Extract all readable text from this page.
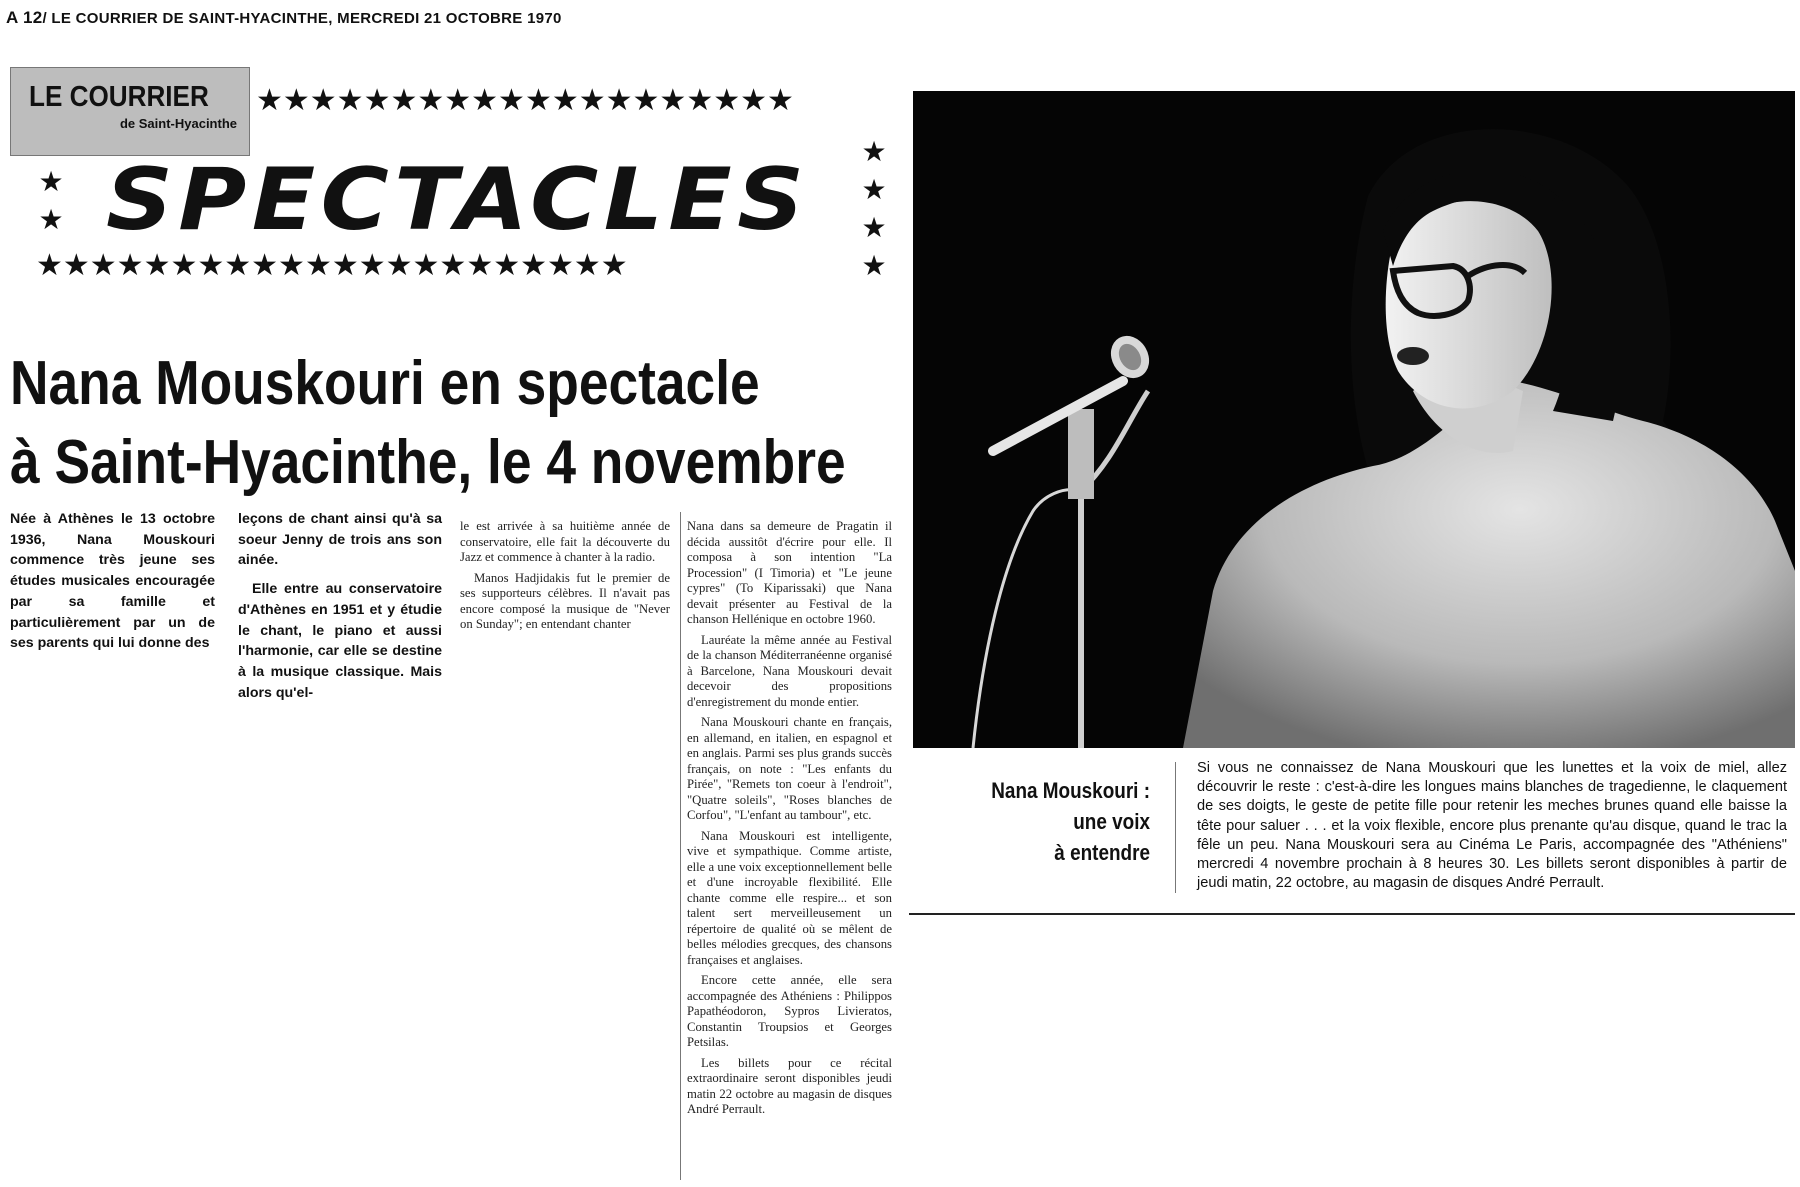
A 12/ LE COURRIER DE SAINT-HYACINTHE, MERCREDI 21 OCTOBRE 1970
LE COURRIER
de Saint-Hyacinthe
★★★★★★★★★★★★★★★★★★★★
★
★
★
★
★
★
★★★★★★★★★★★★★★★★★★★★★★
SPECTACLES
Nana Mouskouri en spectacle
à Saint-Hyacinthe, le 4 novembre

Née à Athènes le 13 octobre 1936, Nana Mouskouri commence très jeune ses études musicales encouragée par sa famille et particulièrement par un de ses parents qui lui donne des

leçons de chant ainsi qu'à sa soeur Jenny de trois ans son ainée.

Elle entre au conservatoire d'Athènes en 1951 et y étudie le chant, le piano et aussi l'harmonie, car elle se destine à la musique classique. Mais alors qu'el-

le est arrivée à sa huitième année de conservatoire, elle fait la découverte du Jazz et commence à chanter à la radio.

Manos Hadjidakis fut le premier de ses supporteurs célèbres. Il n'avait pas encore composé la musique de "Never on Sunday"; en entendant chanter

Nana dans sa demeure de Pragatin il décida aussitôt d'écrire pour elle. Il composa à son intention "La Procession" (I Timoria) et "Le jeune cypres" (To Kiparissaki) que Nana devait présenter au Festival de la chanson Hellénique en octobre 1960.

Lauréate la même année au Festival de la chanson Méditerranéenne organisé à Barcelone, Nana Mouskouri devait decevoir des propositions d'enregistrement du monde entier.

Nana Mouskouri chante en français, en allemand, en italien, en espagnol et en anglais. Parmi ses plus grands succès français, on note : "Les enfants du Pirée", "Remets ton coeur à l'endroit", "Quatre soleils", "Roses blanches de Corfou", "L'enfant au tambour", etc.

Nana Mouskouri est intelligente, vive et sympathique. Comme artiste, elle a une voix exceptionnellement belle et d'une incroyable flexibilité. Elle chante comme elle respire... et son talent sert merveilleusement un répertoire de qualité où se mêlent de belles mélodies grecques, des chansons françaises et anglaises.

Encore cette année, elle sera accompagnée des Athéniens : Philippos Papathéodoron, Sypros Livieratos, Constantin Troupsios et Georges Petsilas.

Les billets pour ce récital extraordinaire seront disponibles jeudi matin 22 octobre au magasin de disques André Perrault.

Nana Mouskouri :
une voix
à entendre
Si vous ne connaissez de Nana Mouskouri que les lunettes et la voix de miel, allez découvrir le reste : c'est-à-dire les longues mains blanches de tragedienne, le claquement de ses doigts, le geste de petite fille pour retenir les meches brunes quand elle baisse la tête pour saluer . . . et la voix flexible, encore plus prenante qu'au disque, quand le trac la fêle un peu. Nana Mouskouri sera au Cinéma Le Paris, accompagnée des "Athéniens" mercredi 4 novembre prochain à 8 heures 30. Les billets seront disponibles à partir de jeudi matin, 22 octobre, au magasin de disques André Perrault.
